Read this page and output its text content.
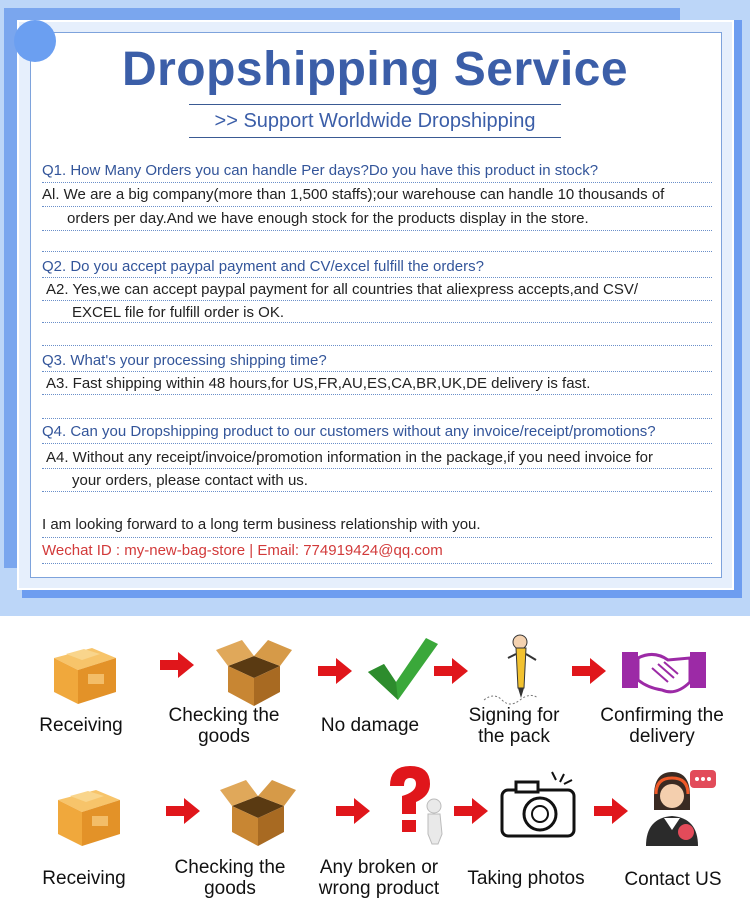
Dropshipping Service
>> Support Worldwide Dropshipping
Q1. How Many Orders you can handle Per days?Do you have this product in stock?
Al. We are a big company(more than 1,500 staffs);our warehouse can handle 10 thousands of
orders per day.And we have enough stock for the products display in the store.
Q2. Do you accept paypal payment and CV/excel fulfill the orders?
A2. Yes,we can accept paypal payment for all countries that aliexpress accepts,and CSV/
EXCEL file for fulfill order is OK.
Q3. What's your processing shipping time?
A3. Fast shipping within 48 hours,for US,FR,AU,ES,CA,BR,UK,DE delivery is fast.
Q4. Can you Dropshipping product to our customers without any invoice/receipt/promotions?
A4. Without any receipt/invoice/promotion information in the package,if you need invoice for
your orders, please contact with us.
I am looking forward to a long term business relationship with you.
Wechat ID : my-new-bag-store | Email: 774919424@qq.com
Receiving	Checking the goods
No damage	Signing for the pack
Confirming the delivery
Receiving
Checking the goods
Any broken or wrong product	Taking photos	Contact US
